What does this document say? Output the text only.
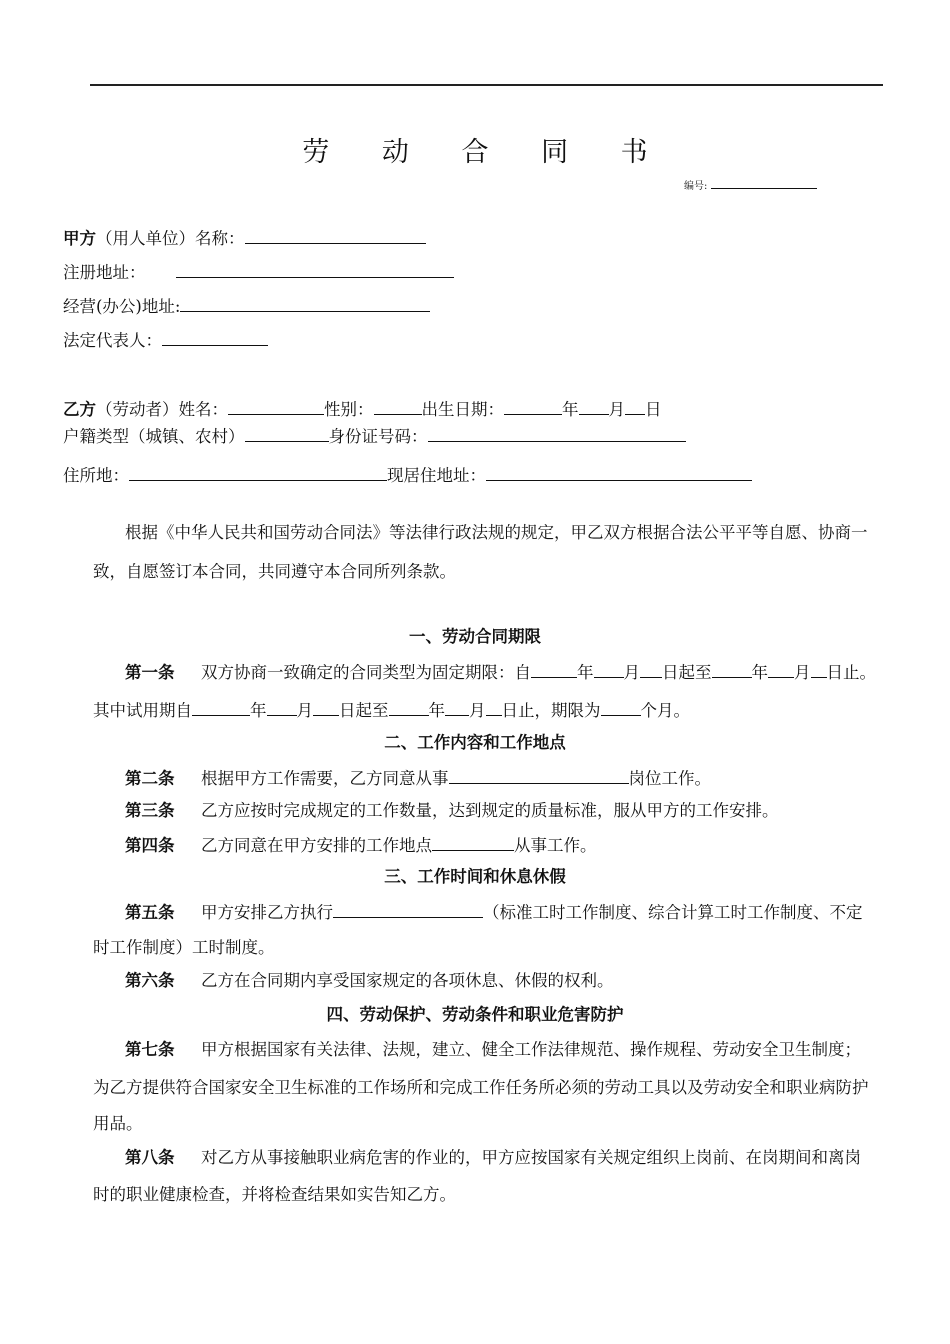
劳 动 合 同 书
编号:
甲方（用人单位）名称：
注册地址：
经营(办公)地址:
法定代表人：
乙方（劳动者）姓名：	性别：	出生日期：	年 月 日
户籍类型（城镇、农村）	身份证号码：
住所地：	现居住地址：
根据《中华人民共和国劳动合同法》等法律行政法规的规定，甲乙双方根据合法公平平等自愿、协商一
致，自愿签订本合同，共同遵守本合同所列条款。
一、劳动合同期限
第一条 双方协商一致确定的合同类型为固定期限：自	年 月 日起至 年 月 日止。
其中试用期自	年 月 日起至 年 月 日止，期限为 个月。
二、工作内容和工作地点
第二条 根据甲方工作需要，乙方同意从事	岗位工作。
第三条 乙方应按时完成规定的工作数量，达到规定的质量标准，服从甲方的工作安排。
第四条 乙方同意在甲方安排的工作地点	从事工作。
三、工作时间和休息休假
第五条 甲方安排乙方执行	（标准工时工作制度、综合计算工时工作制度、不定
时工作制度）工时制度。
第六条 乙方在合同期内享受国家规定的各项休息、休假的权利。
四、劳动保护、劳动条件和职业危害防护
第七条 甲方根据国家有关法律、法规，建立、健全工作法律规范、操作规程、劳动安全卫生制度；
为乙方提供符合国家安全卫生标准的工作场所和完成工作任务所必须的劳动工具以及劳动安全和职业病防护
用品。
第八条 对乙方从事接触职业病危害的作业的，甲方应按国家有关规定组织上岗前、在岗期间和离岗
时的职业健康检查，并将检查结果如实告知乙方。
